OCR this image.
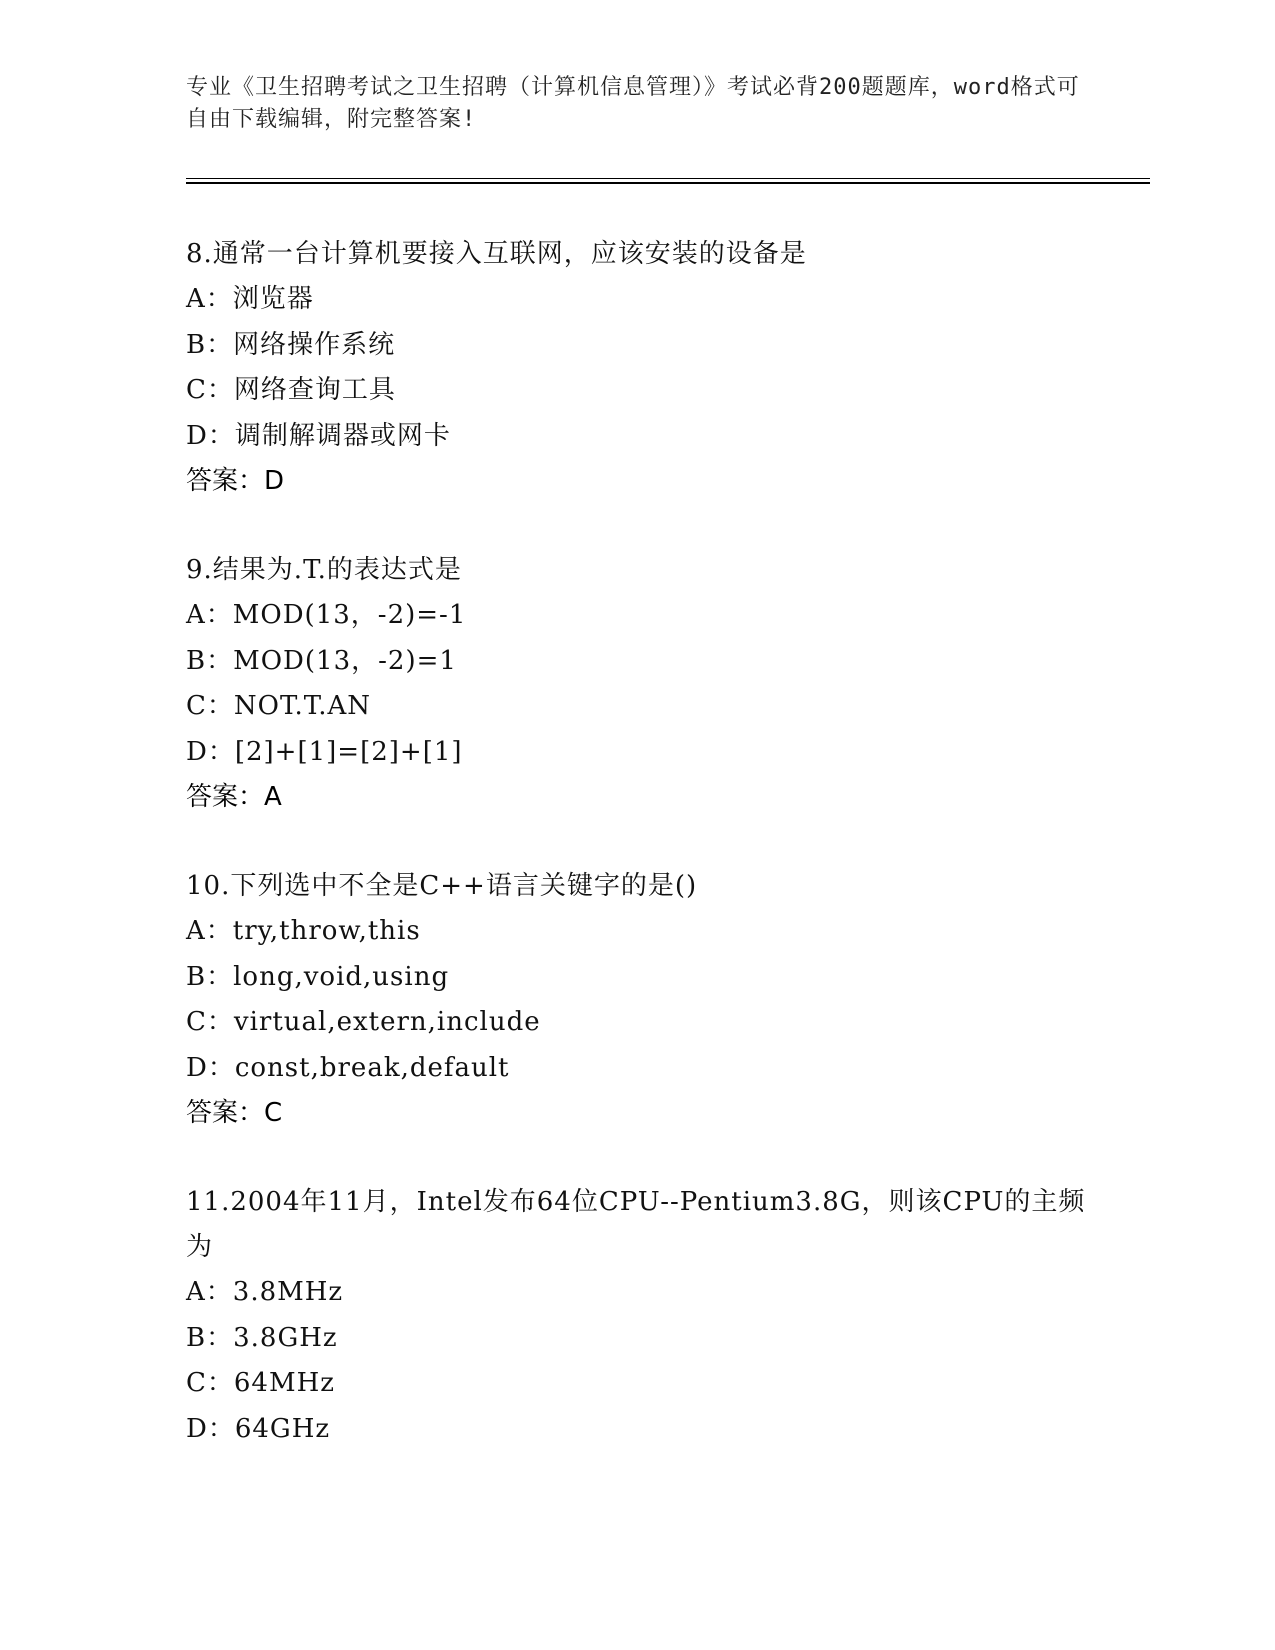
专业《卫生招聘考试之卫生招聘（计算机信息管理）》考试必背200题题库，word格式可自由下载编辑，附完整答案!
8.通常一台计算机要接入互联网，应该安装的设备是
A：浏览器
B：网络操作系统
C：网络查询工具
D：调制解调器或网卡
答案：D
9.结果为.T.的表达式是
A：MOD(13，-2)=-1
B：MOD(13，-2)=1
C：NOT.T.AN
D：[2]+[1]=[2]+[1]
答案：A
10.下列选中不全是C++语言关键字的是()
A：try,throw,this
B：long,void,using
C：virtual,extern,include
D：const,break,default
答案：C
11.2004年11月，Intel发布64位CPU--Pentium3.8G，则该CPU的主频为
A：3.8MHz
B：3.8GHz
C：64MHz
D：64GHz
